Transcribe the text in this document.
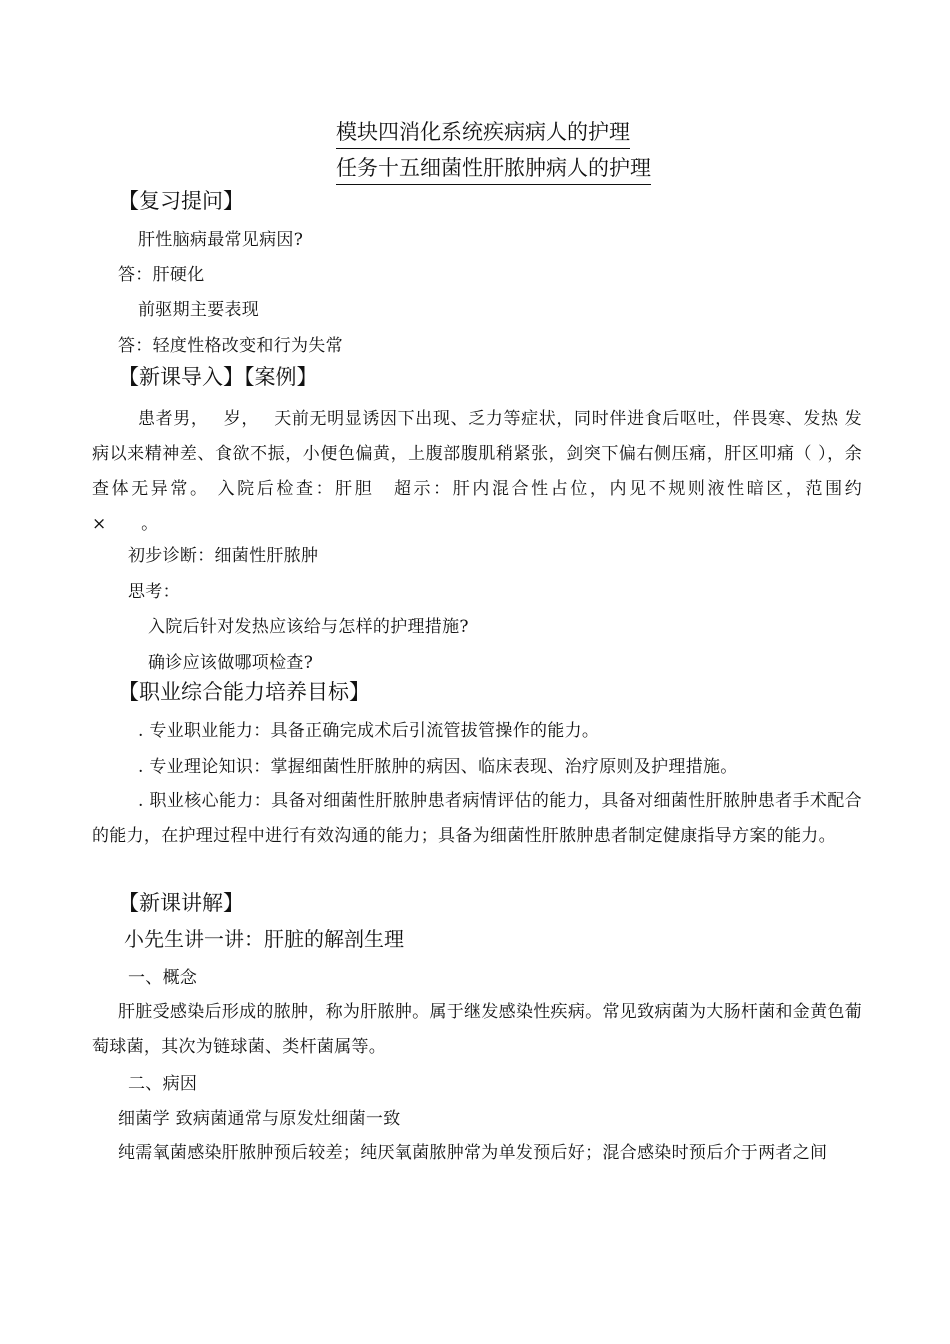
模块四消化系统疾病病人的护理
任务十五细菌性肝脓肿病人的护理
【复习提问】
肝性脑病最常见病因?
答：肝硬化
前驱期主要表现
答：轻度性格改变和行为失常
【新课导入】【案例】
患者男，　 岁，　 天前无明显诱因下出现、乏力等症状，同时伴进食后呕吐，伴畏寒、发热 发病以来精神差、食欲不振，小便色偏黄，上腹部腹肌稍紧张，剑突下偏右侧压痛，肝区叩痛（ ），余查体无异常。 入院后检查：肝胆　超示：肝内混合性占位，内见不规则液性暗区，范围约　　×　　。
初步诊断：细菌性肝脓肿
思考：
入院后针对发热应该给与怎样的护理措施?
确诊应该做哪项检查?
【职业综合能力培养目标】
. 专业职业能力：具备正确完成术后引流管拔管操作的能力。
. 专业理论知识：掌握细菌性肝脓肿的病因、临床表现、治疗原则及护理措施。
. 职业核心能力：具备对细菌性肝脓肿患者病情评估的能力，具备对细菌性肝脓肿患者手术配合的能力，在护理过程中进行有效沟通的能力；具备为细菌性肝脓肿患者制定健康指导方案的能力。
【新课讲解】
小先生讲一讲：肝脏的解剖生理
一、概念
肝脏受感染后形成的脓肿，称为肝脓肿。属于继发感染性疾病。常见致病菌为大肠杆菌和金黄色葡萄球菌，其次为链球菌、类杆菌属等。
二、病因
细菌学 致病菌通常与原发灶细菌一致
纯需氧菌感染肝脓肿预后较差；纯厌氧菌脓肿常为单发预后好；混合感染时预后介于两者之间
